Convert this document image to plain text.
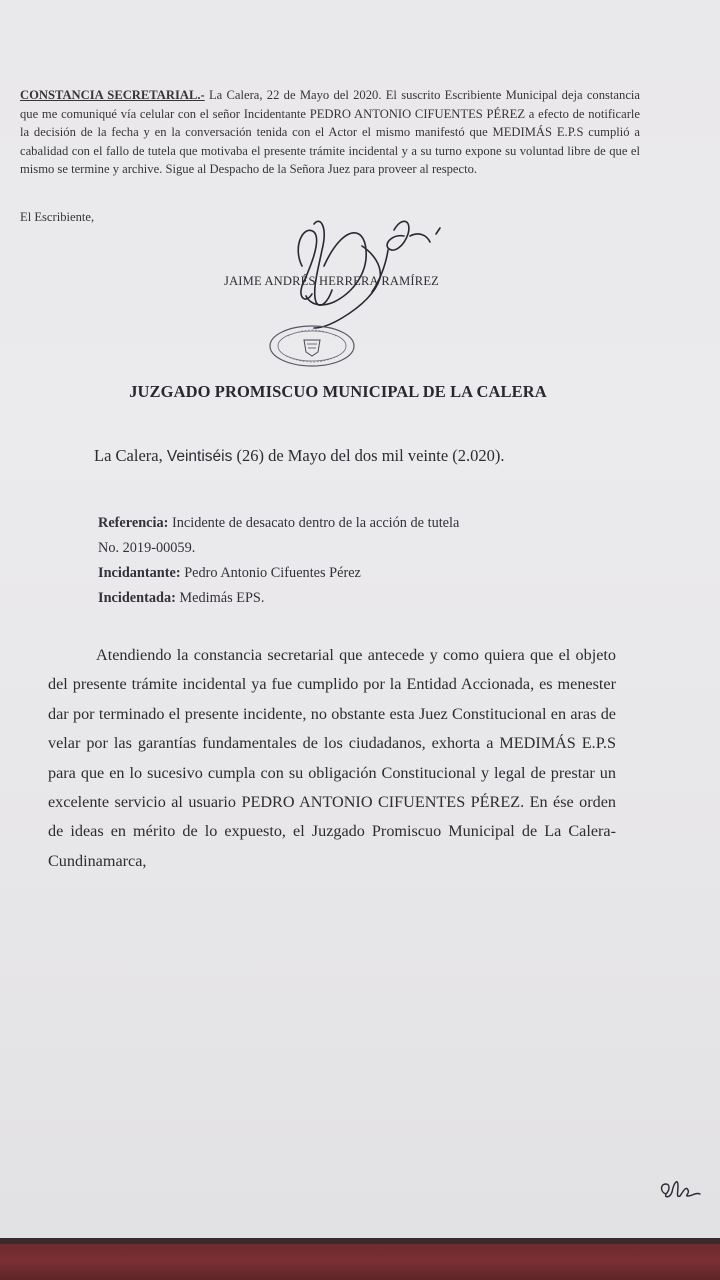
CONSTANCIA SECRETARIAL.- La Calera, 22 de Mayo del 2020. El suscrito Escribiente Municipal deja constancia que me comuniqué vía celular con el señor Incidentante PEDRO ANTONIO CIFUENTES PÉREZ a efecto de notificarle la decisión de la fecha y en la conversación tenida con el Actor el mismo manifestó que MEDIMÁS E.P.S cumplió a cabalidad con el fallo de tutela que motivaba el presente trámite incidental y a su turno expone su voluntad libre de que el mismo se termine y archive. Sigue al Despacho de la Señora Juez para proveer al respecto.
El Escribiente,
JAIME ANDRÉS HERRERA RAMÍREZ
JUZGADO PROMISCUO MUNICIPAL DE LA CALERA
La Calera, Veintiséis (26) de Mayo del dos mil veinte (2.020).
Referencia: Incidente de desacato dentro de la acción de tutela
No. 2019-00059.
Incidantante: Pedro Antonio Cifuentes Pérez
Incidentada: Medimás EPS.

Atendiendo la constancia secretarial que antecede y como quiera que el objeto del presente trámite incidental ya fue cumplido por la Entidad Accionada, es menester dar por terminado el presente incidente, no obstante esta Juez Constitucional en aras de velar por las garantías fundamentales de los ciudadanos, exhorta a MEDIMÁS E.P.S para que en lo sucesivo cumpla con su obligación Constitucional y legal de prestar un excelente servicio al usuario PEDRO ANTONIO CIFUENTES PÉREZ. En ése orden de ideas en mérito de lo expuesto, el Juzgado Promiscuo Municipal de La Calera-Cundinamarca,
